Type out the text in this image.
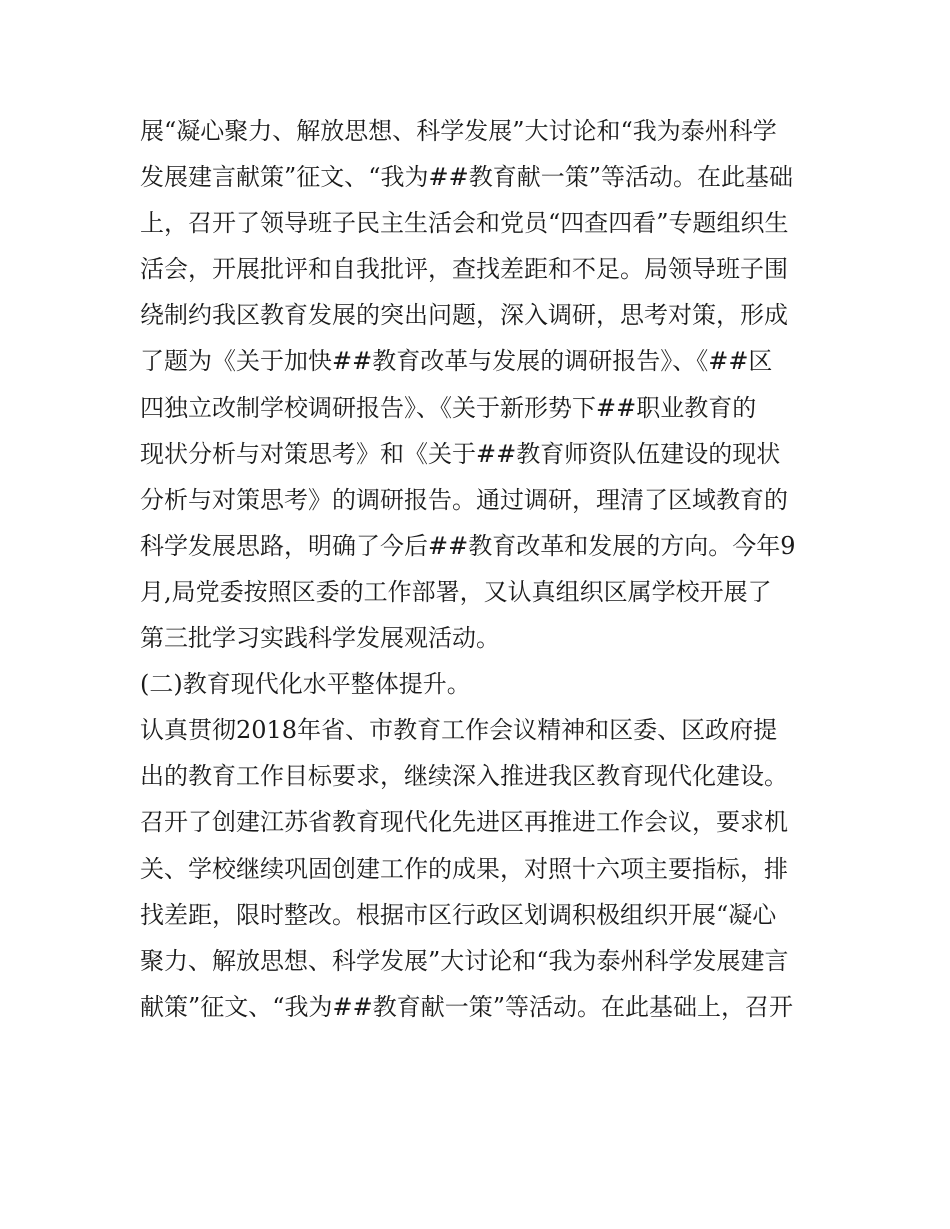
展“凝心聚力、解放思想、科学发展”大讨论和“我为泰州科学
发展建言献策”征文、“我为##教育献一策”等活动。在此基础
上，召开了领导班子民主生活会和党员“四查四看”专题组织生
活会，开展批评和自我批评，查找差距和不足。局领导班子围
绕制约我区教育发展的突出问题，深入调研，思考对策，形成
了题为《关于加快##教育改革与发展的调研报告》、《##区
四独立改制学校调研报告》、《关于新形势下##职业教育的
现状分析与对策思考》和《关于##教育师资队伍建设的现状
分析与对策思考》的调研报告。通过调研，理清了区域教育的
科学发展思路，明确了今后##教育改革和发展的方向。今年9
月,局党委按照区委的工作部署，又认真组织区属学校开展了
第三批学习实践科学发展观活动。
(二)教育现代化水平整体提升。
认真贯彻2018年省、市教育工作会议精神和区委、区政府提
出的教育工作目标要求，继续深入推进我区教育现代化建设。
召开了创建江苏省教育现代化先进区再推进工作会议，要求机
关、学校继续巩固创建工作的成果，对照十六项主要指标，排
找差距，限时整改。根据市区行政区划调积极组织开展“凝心
聚力、解放思想、科学发展”大讨论和“我为泰州科学发展建言
献策”征文、“我为##教育献一策”等活动。在此基础上，召开
